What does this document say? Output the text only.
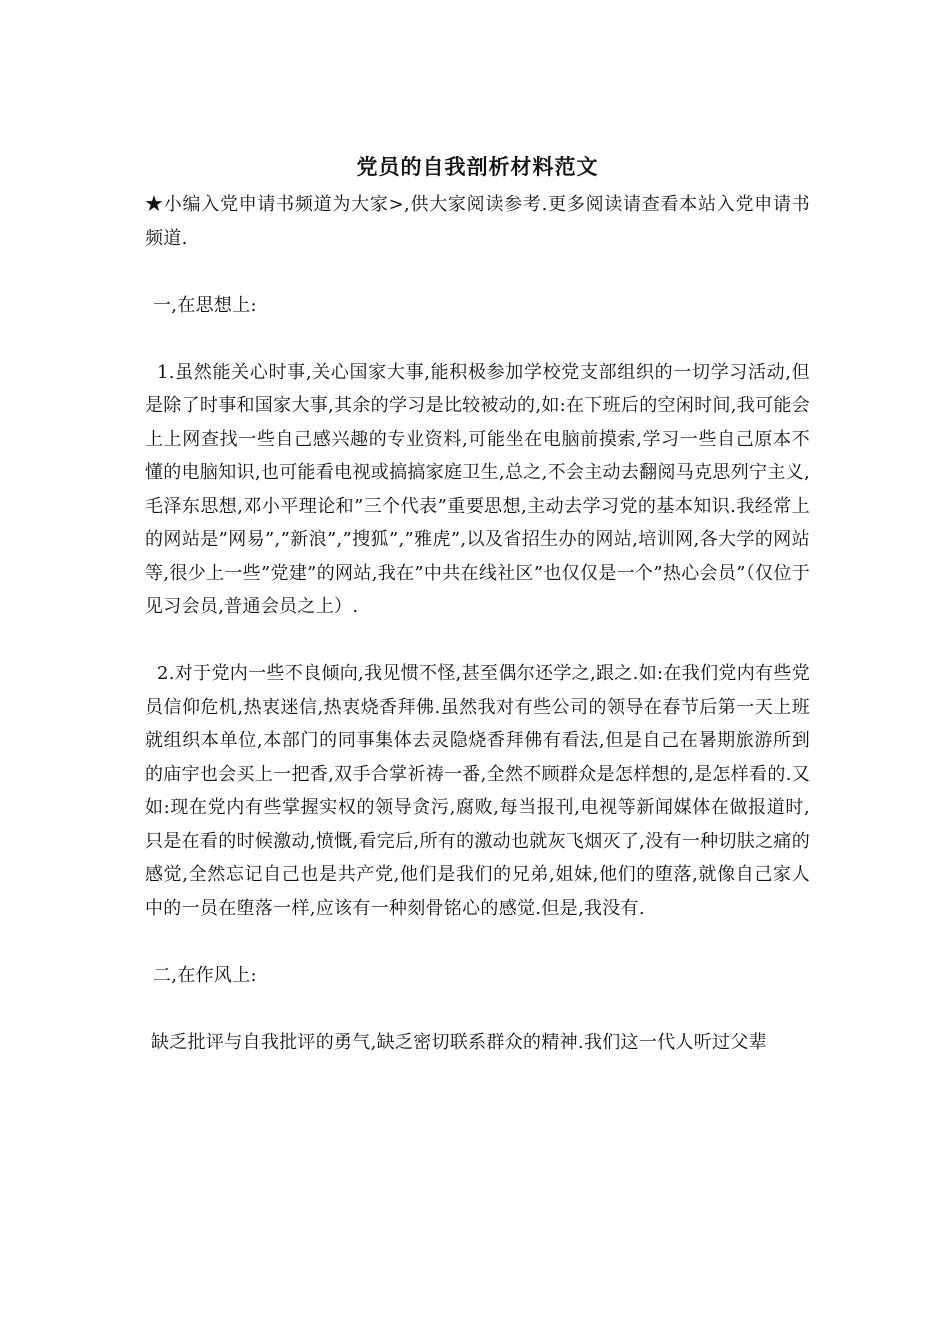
党员的自我剖析材料范文

★小编入党申请书频道为大家>,供大家阅读参考.更多阅读请查看本站入党申请书频道.

一,在思想上:

1.虽然能关心时事,关心国家大事,能积极参加学校党支部组织的一切学习活动,但是除了时事和国家大事,其余的学习是比较被动的,如:在下班后的空闲时间,我可能会上上网查找一些自己感兴趣的专业资料,可能坐在电脑前摸索,学习一些自己原本不懂的电脑知识,也可能看电视或搞搞家庭卫生,总之,不会主动去翻阅马克思列宁主义,毛泽东思想,邓小平理论和”三个代表”重要思想,主动去学习党的基本知识.我经常上的网站是”网易”,”新浪”,”搜狐”,”雅虎”,以及省招生办的网站,培训网,各大学的网站等,很少上一些”党建”的网站,我在”中共在线社区”也仅仅是一个”热心会员”（仅位于见习会员,普通会员之上）.

2.对于党内一些不良倾向,我见惯不怪,甚至偶尔还学之,跟之.如:在我们党内有些党员信仰危机,热衷迷信,热衷烧香拜佛.虽然我对有些公司的领导在春节后第一天上班就组织本单位,本部门的同事集体去灵隐烧香拜佛有看法,但是自己在暑期旅游所到的庙宇也会买上一把香,双手合掌祈祷一番,全然不顾群众是怎样想的,是怎样看的.又如:现在党内有些掌握实权的领导贪污,腐败,每当报刊,电视等新闻媒体在做报道时,只是在看的时候激动,愤慨,看完后,所有的激动也就灰飞烟灭了,没有一种切肤之痛的感觉,全然忘记自己也是共产党,他们是我们的兄弟,姐妹,他们的堕落,就像自己家人中的一员在堕落一样,应该有一种刻骨铭心的感觉.但是,我没有.

二,在作风上:

缺乏批评与自我批评的勇气,缺乏密切联系群众的精神.我们这一代人听过父辈
